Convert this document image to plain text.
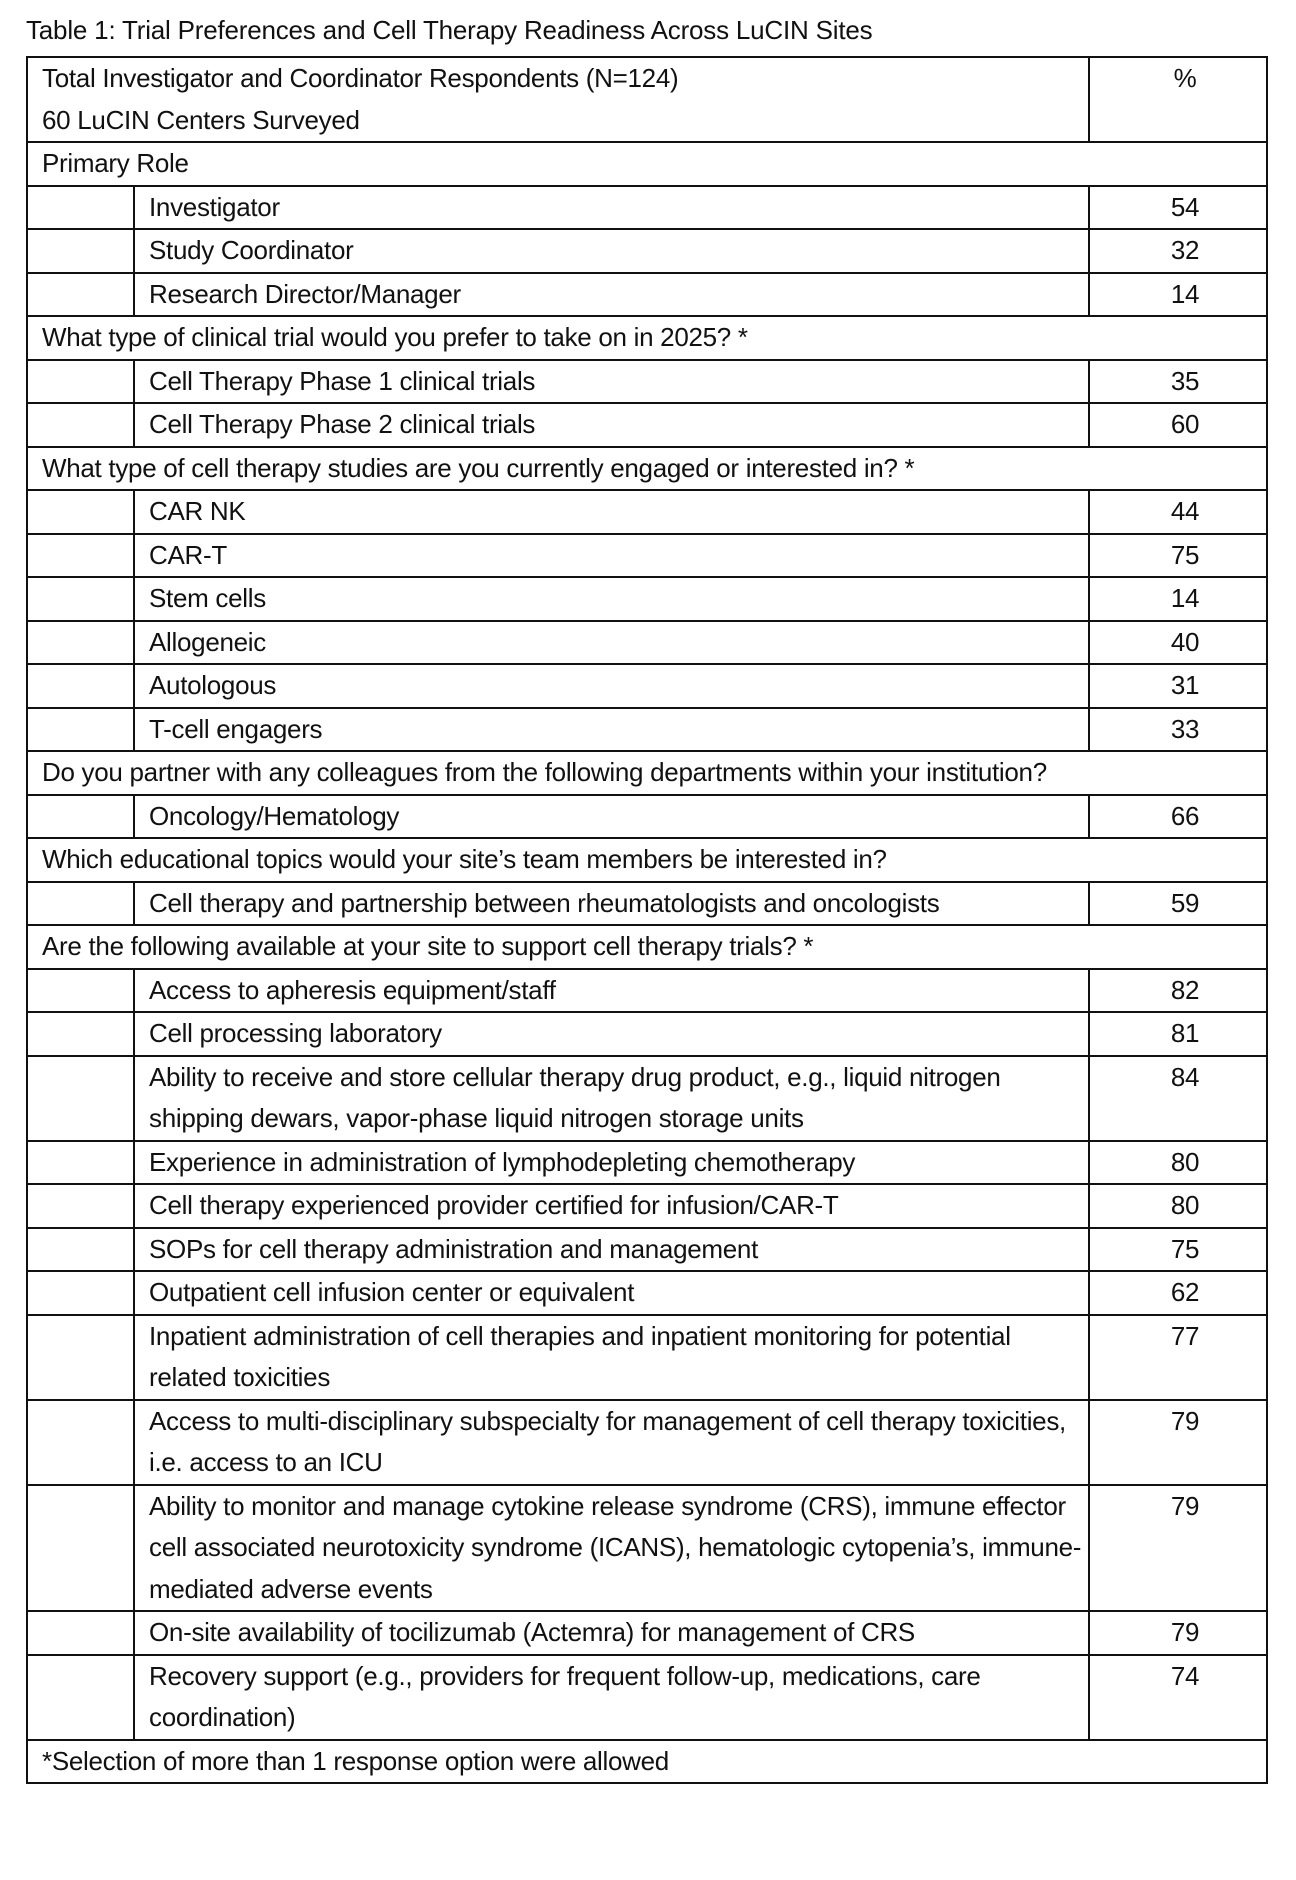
Table 1: Trial Preferences and Cell Therapy Readiness Across LuCIN Sites
Total Investigator and Coordinator Respondents (N=124)
60 LuCIN Centers Surveyed		%
Primary Role		
	Investigator	54
	Study Coordinator	32
	Research Director/Manager	14
What type of clinical trial would you prefer to take on in 2025? *		
	Cell Therapy Phase 1 clinical trials	35
	Cell Therapy Phase 2 clinical trials	60
What type of cell therapy studies are you currently engaged or interested in? *		
	CAR NK	44
	CAR-T	75
	Stem cells	14
	Allogeneic	40
	Autologous	31
	T-cell engagers	33
Do you partner with any colleagues from the following departments within your institution?		
	Oncology/Hematology	66
Which educational topics would your site’s team members be interested in?		
	Cell therapy and partnership between rheumatologists and oncologists	59
Are the following available at your site to support cell therapy trials? *		
	Access to apheresis equipment/staff	82
	Cell processing laboratory	81
	Ability to receive and store cellular therapy drug product, e.g., liquid nitrogen shipping dewars, vapor-phase liquid nitrogen storage units	84
	Experience in administration of lymphodepleting chemotherapy	80
	Cell therapy experienced provider certified for infusion/CAR-T	80
	SOPs for cell therapy administration and management	75
	Outpatient cell infusion center or equivalent	62
	Inpatient administration of cell therapies and inpatient monitoring for potential related toxicities	77
	Access to multi-disciplinary subspecialty for management of cell therapy toxicities, i.e. access to an ICU	79
	Ability to monitor and manage cytokine release syndrome (CRS), immune effector cell associated neurotoxicity syndrome (ICANS), hematologic cytopenia’s, immune-mediated adverse events	79
	On-site availability of tocilizumab (Actemra) for management of CRS	79
	Recovery support (e.g., providers for frequent follow-up, medications, care coordination)	74
*Selection of more than 1 response option were allowed		
